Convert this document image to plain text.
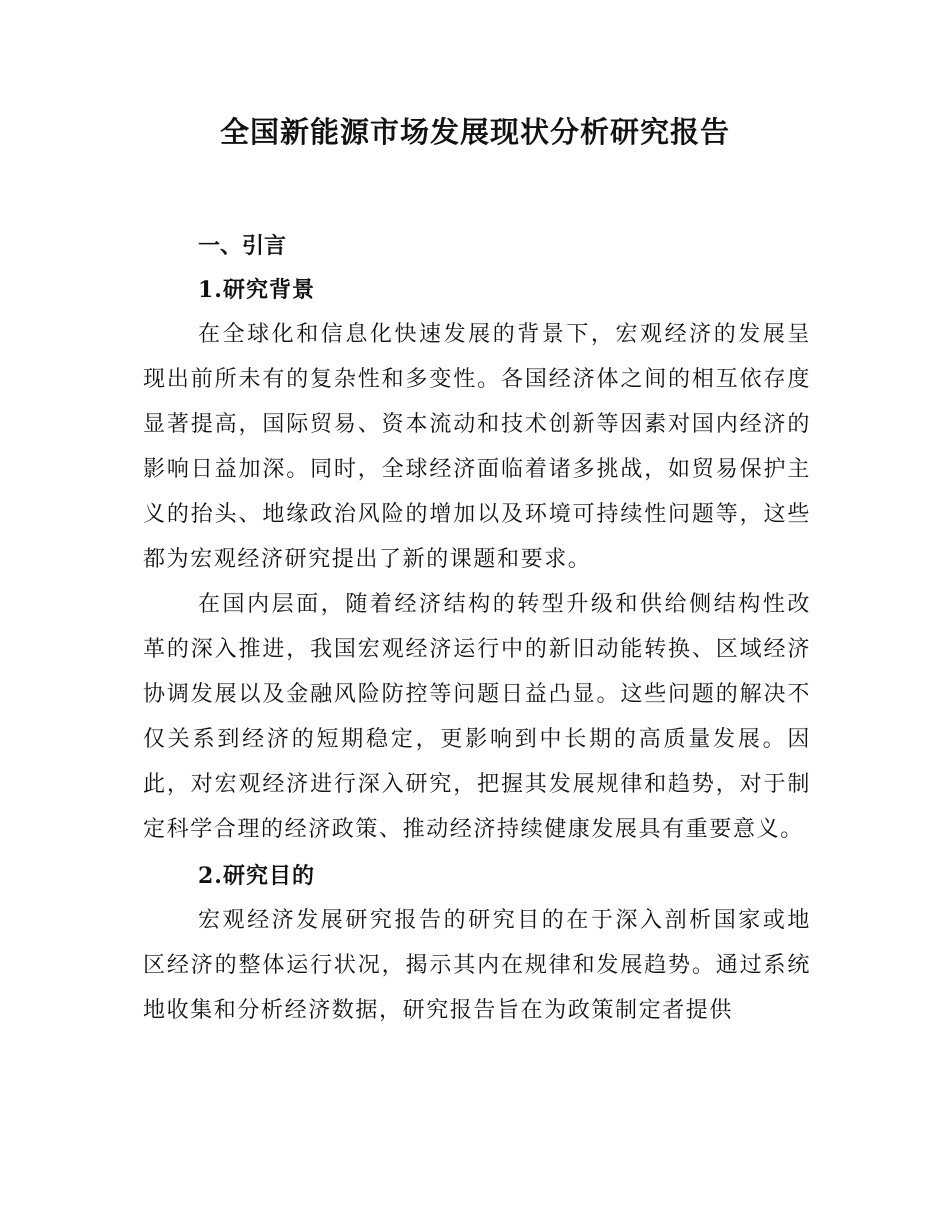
全国新能源市场发展现状分析研究报告
一、引言
1.研究背景

在全球化和信息化快速发展的背景下，宏观经济的发展呈现出前所未有的复杂性和多变性。各国经济体之间的相互依存度显著提高，国际贸易、资本流动和技术创新等因素对国内经济的影响日益加深。同时，全球经济面临着诸多挑战，如贸易保护主义的抬头、地缘政治风险的增加以及环境可持续性问题等，这些都为宏观经济研究提出了新的课题和要求。

在国内层面，随着经济结构的转型升级和供给侧结构性改革的深入推进，我国宏观经济运行中的新旧动能转换、区域经济协调发展以及金融风险防控等问题日益凸显。这些问题的解决不仅关系到经济的短期稳定，更影响到中长期的高质量发展。因此，对宏观经济进行深入研究，把握其发展规律和趋势，对于制定科学合理的经济政策、推动经济持续健康发展具有重要意义。

2.研究目的

宏观经济发展研究报告的研究目的在于深入剖析国家或地区经济的整体运行状况，揭示其内在规律和发展趋势。通过系统地收集和分析经济数据，研究报告旨在为政策制定者提供
